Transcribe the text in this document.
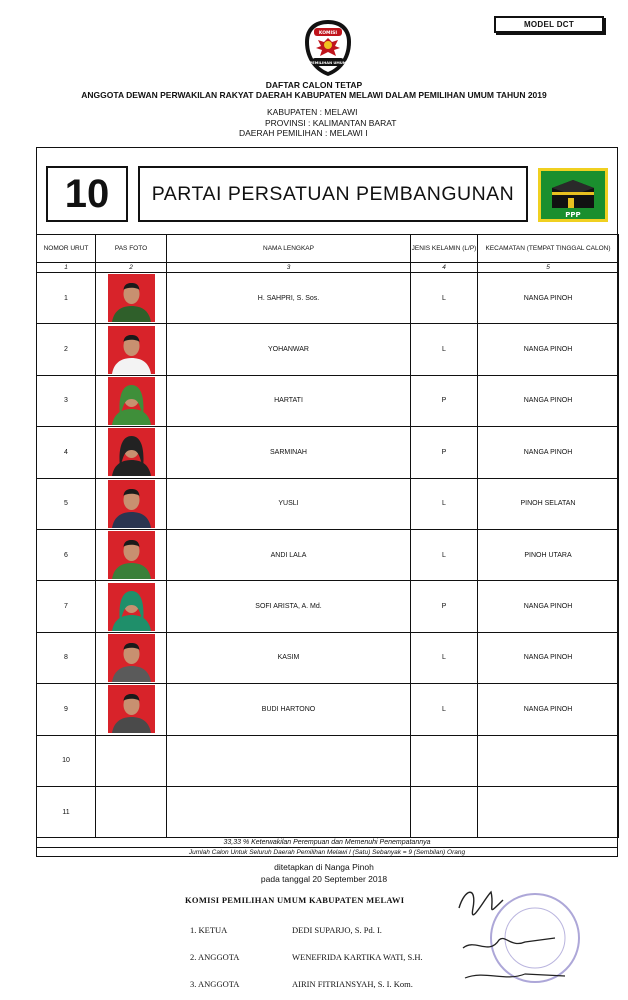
MODEL DCT
KOMISI
PEMILIHAN UMUM
DAFTAR CALON TETAP
ANGGOTA DEWAN PERWAKILAN RAKYAT DAERAH KABUPATEN MELAWI DALAM PEMILIHAN UMUM TAHUN 2019
KABUPATEN : MELAWI
PROVINSI : KALIMANTAN BARAT
DAERAH PEMILIHAN : MELAWI I
10	PARTAI PERSATUAN PEMBANGUNAN
PPP
NOMOR URUT	PAS FOTO	NAMA LENGKAP	JENIS KELAMIN (L/P)	KECAMATAN (TEMPAT TINGGAL CALON)
1	2	3	4	5
1		H. SAHPRI, S. Sos.	L	NANGA PINOH
2		YOHANWAR	L	NANGA PINOH
3		HARTATI	P	NANGA PINOH
4		SARMINAH	P	NANGA PINOH
5		YUSLI	L	PINOH SELATAN
6		ANDI LALA	L	PINOH UTARA
7		SOFI ARISTA, A. Md.	P	NANGA PINOH
8		KASIM	L	NANGA PINOH
9		BUDI HARTONO	L	NANGA PINOH
10				
11				
33,33 % Keterwakilan Perempuan dan Memenuhi Penempatannya
Jumlah Calon Untuk Seluruh Daerah Pemilihan Melawi I (Satu) Sebanyak = 9 (Sembilan) Orang
ditetapkan di Nanga Pinoh
pada tanggal 20 September 2018
KOMISI PEMILIHAN UMUM KABUPATEN MELAWI
1. KETUA	DEDI SUPARJO, S. Pd. I.
2. ANGGOTA	WENEFRIDA KARTIKA WATI, S.H.
3. ANGGOTA	AIRIN FITRIANSYAH, S. I. Kom.
